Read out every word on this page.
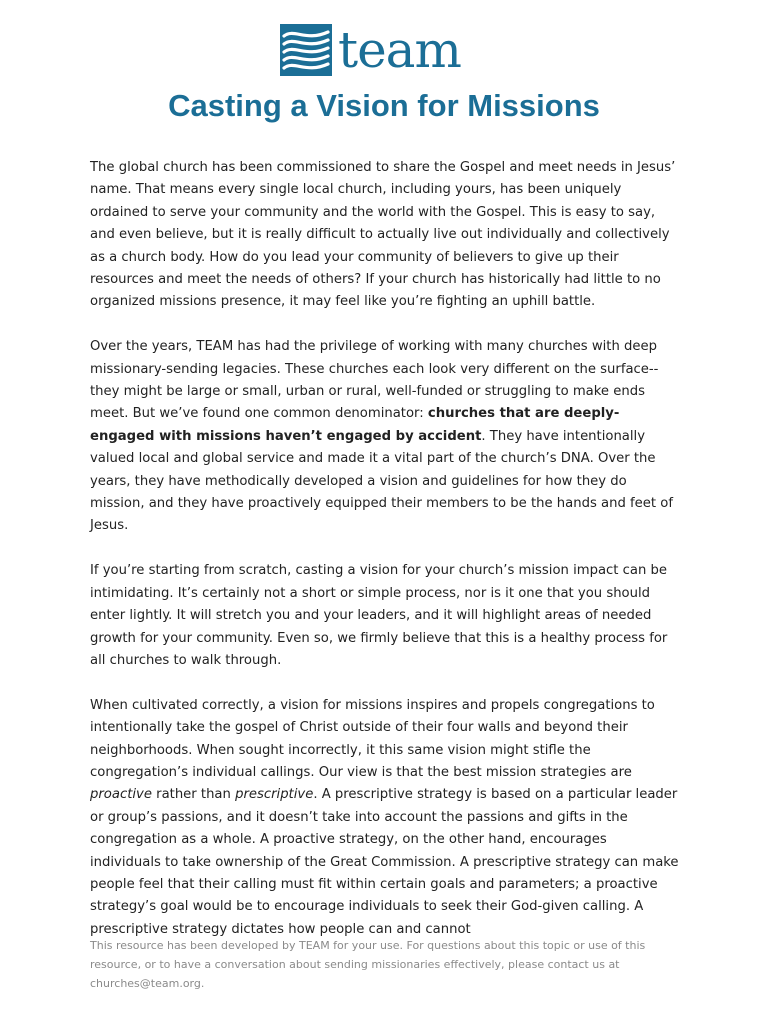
team
Casting a Vision for Missions

The global church has been commissioned to share the Gospel and meet needs in Jesus’ name. That means every single local church, including yours, has been uniquely ordained to serve your community and the world with the Gospel. This is easy to say, and even believe, but it is really difficult to actually live out individually and collectively as a church body. How do you lead your community of believers to give up their resources and meet the needs of others? If your church has historically had little to no organized missions presence, it may feel like you’re fighting an uphill battle.

Over the years, TEAM has had the privilege of working with many churches with deep missionary-sending legacies. These churches each look very different on the surface--they might be large or small, urban or rural, well-funded or struggling to make ends meet. But we’ve found one common denominator: churches that are deeply-engaged with missions haven’t engaged by accident. They have intentionally valued local and global service and made it a vital part of the church’s DNA. Over the years, they have methodically developed a vision and guidelines for how they do mission, and they have proactively equipped their members to be the hands and feet of Jesus.

If you’re starting from scratch, casting a vision for your church’s mission impact can be intimidating. It’s certainly not a short or simple process, nor is it one that you should enter lightly. It will stretch you and your leaders, and it will highlight areas of needed growth for your community. Even so, we firmly believe that this is a healthy process for all churches to walk through.

When cultivated correctly, a vision for missions inspires and propels congregations to intentionally take the gospel of Christ outside of their four walls and beyond their neighborhoods. When sought incorrectly, it this same vision might stifle the congregation’s individual callings. Our view is that the best mission strategies are proactive rather than prescriptive. A prescriptive strategy is based on a particular leader or group’s passions, and it doesn’t take into account the passions and gifts in the congregation as a whole. A proactive strategy, on the other hand, encourages individuals to take ownership of the Great Commission. A prescriptive strategy can make people feel that their calling must fit within certain goals and parameters; a proactive strategy’s goal would be to encourage individuals to seek their God-given calling. A prescriptive strategy dictates how people can and cannot

This resource has been developed by TEAM for your use. For questions about this topic or use of this resource, or to have a conversation about sending missionaries effectively, please contact us at churches@team.org.
